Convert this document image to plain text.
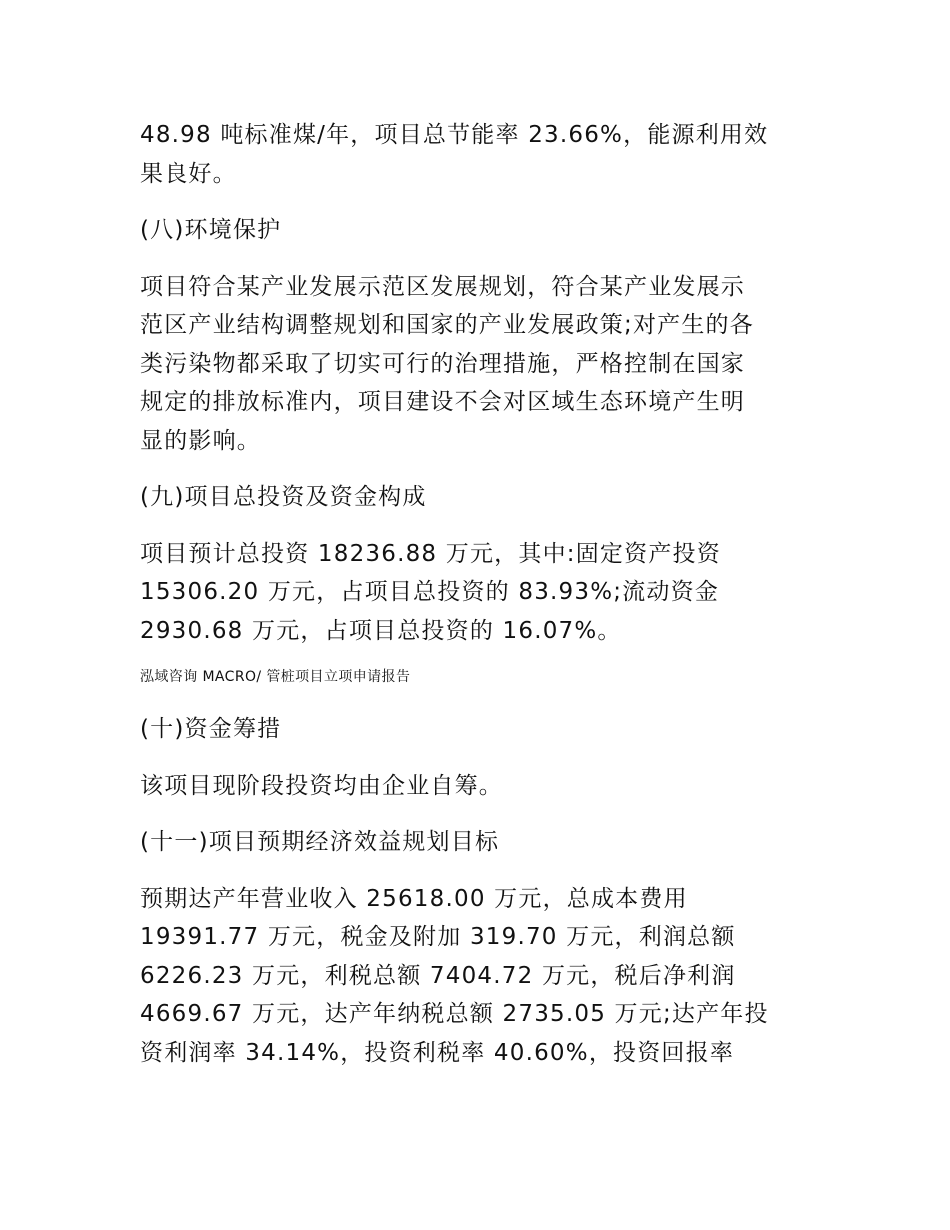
48.98 吨标准煤/年，项目总节能率 23.66%，能源利用效
果良好。

(八)环境保护

项目符合某产业发展示范区发展规划，符合某产业发展示
范区产业结构调整规划和国家的产业发展政策;对产生的各
类污染物都采取了切实可行的治理措施，严格控制在国家
规定的排放标准内，项目建设不会对区域生态环境产生明
显的影响。

(九)项目总投资及资金构成

项目预计总投资 18236.88 万元，其中:固定资产投资
15306.20 万元，占项目总投资的 83.93%;流动资金
2930.68 万元，占项目总投资的 16.07%。

泓域咨询 MACRO/ 管桩项目立项申请报告

(十)资金筹措

该项目现阶段投资均由企业自筹。

(十一)项目预期经济效益规划目标

预期达产年营业收入 25618.00 万元，总成本费用
19391.77 万元，税金及附加 319.70 万元，利润总额
6226.23 万元，利税总额 7404.72 万元，税后净利润
4669.67 万元，达产年纳税总额 2735.05 万元;达产年投
资利润率 34.14%，投资利税率 40.60%，投资回报率
